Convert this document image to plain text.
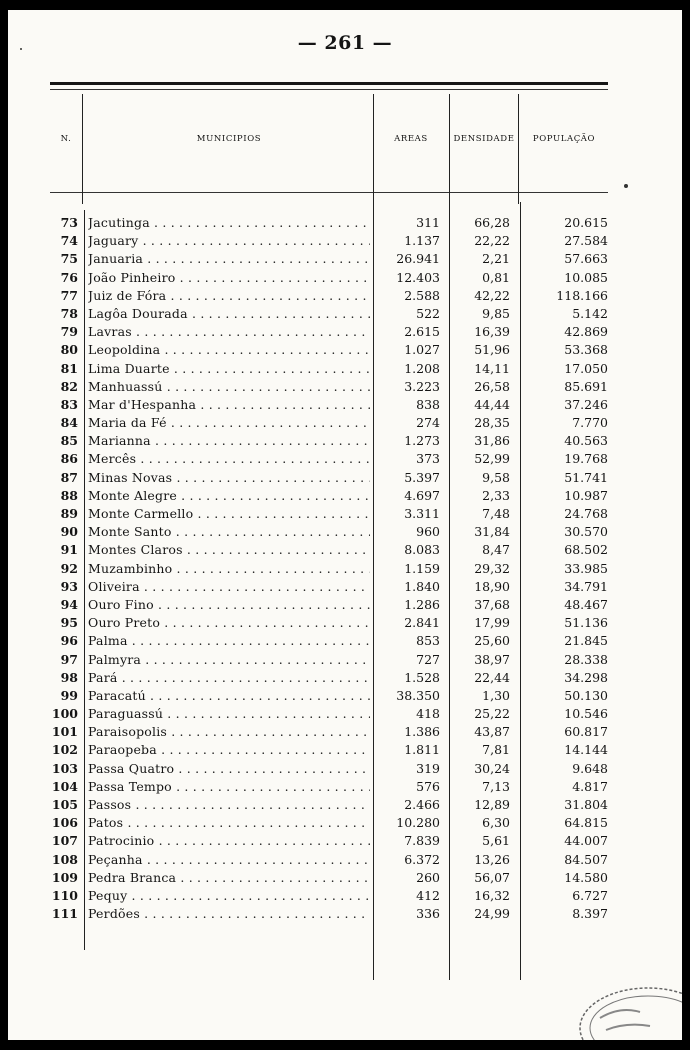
— 261 —
N.	MUNICIPIOS	AREAS	DENSIDADE	POPULAÇÃO
73 Jacutinga . . .	311	66,28	20.615
74 Jaguary . . .	1.137	22,22	27.584
75 Januaria . . .	26.941	2,21	57.663
76 João Pinheiro . . .	12.403	0,81	10.085
77 Juiz de Fóra . . .	2.588	42,22	118.166
78 Lagôa Dourada . . .	522	9,85	5.142
79 Lavras . . .	2.615	16,39	42.869
80 Leopoldina . . .	1.027	51,96	53.368
81 Lima Duarte . . .	1.208	14,11	17.050
82 Manhuassú . . .	3.223	26,58	85.691
83 Mar d'Hespanha . . .	838	44,44	37.246
84 Maria da Fé . . .	274	28,35	7.770
85 Marianna . . .	1.273	31,86	40.563
86 Mercês . . .	373	52,99	19.768
87 Minas Novas . . .	5.397	9,58	51.741
88 Monte Alegre . . .	4.697	2,33	10.987
89 Monte Carmello . . .	3.311	7,48	24.768
90 Monte Santo . . .	960	31,84	30.570
91 Montes Claros . . .	8.083	8,47	68.502
92 Muzambinho . . .	1.159	29,32	33.985
93 Oliveira . . .	1.840	18,90	34.791
94 Ouro Fino . . .	1.286	37,68	48.467
95 Ouro Preto . . .	2.841	17,99	51.136
96 Palma . . .	853	25,60	21.845
97 Palmyra . . .	727	38,97	28.338
98 Pará . . .	1.528	22,44	34.298
99 Paracatú . . .	38.350	1,30	50.130
100 Paraguassú . . .	418	25,22	10.546
101 Paraisopolis . . .	1.386	43,87	60.817
102 Paraopeba . . .	1.811	7,81	14.144
103 Passa Quatro . . .	319	30,24	9.648
104 Passa Tempo . . .	576	7,13	4.817
105 Passos . . .	2.466	12,89	31.804
106 Patos . . .	10.280	6,30	64.815
107 Patrocinio . . .	7.839	5,61	44.007
108 Peçanha . . .	6.372	13,26	84.507
109 Pedra Branca . . .	260	56,07	14.580
110 Pequy . . .	412	16,32	6.727
111 Perdões . . .	336	24,99	8.397
